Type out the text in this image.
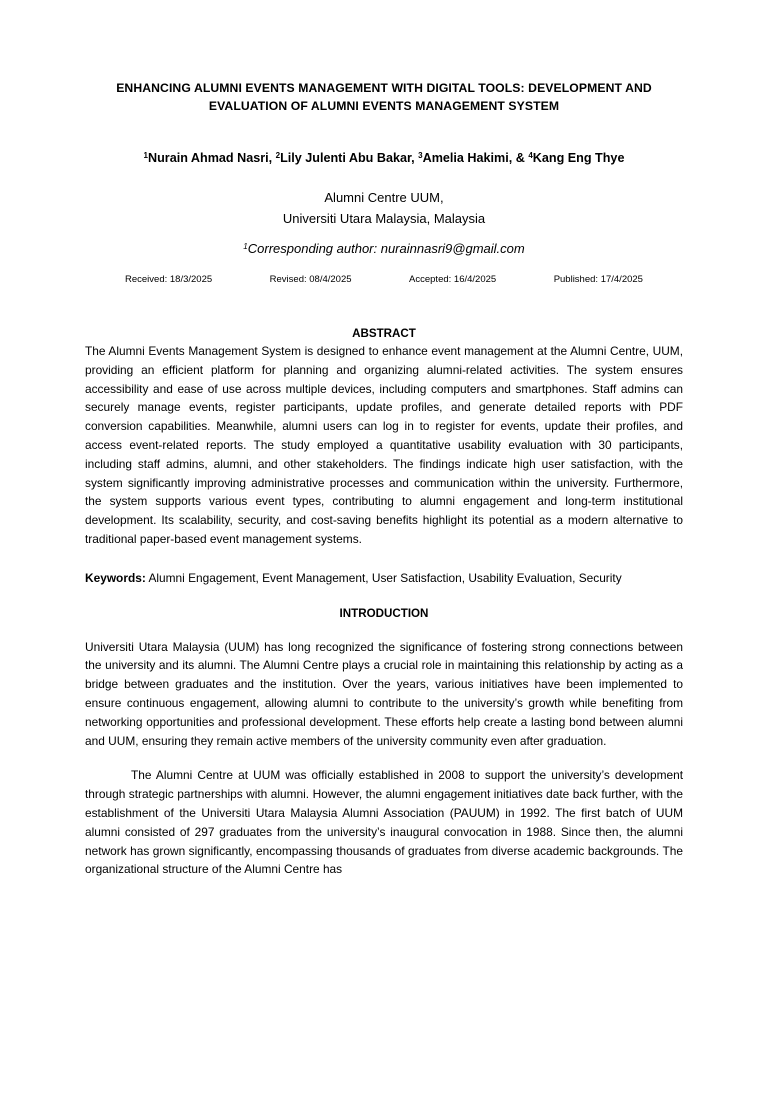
ENHANCING ALUMNI EVENTS MANAGEMENT WITH DIGITAL TOOLS: DEVELOPMENT AND EVALUATION OF ALUMNI EVENTS MANAGEMENT SYSTEM
$^1$Nurain Ahmad Nasri, $^2$Lily Julenti Abu Bakar, $^3$Amelia Hakimi, & $^4$Kang Eng Thye
Alumni Centre UUM,
Universiti Utara Malaysia, Malaysia
$^1$Corresponding author: nurainnasri9@gmail.com
Received: 18/3/2025	Revised: 08/4/2025	Accepted: 16/4/2025	Published: 17/4/2025
ABSTRACT

The Alumni Events Management System is designed to enhance event management at the Alumni Centre, UUM, providing an efficient platform for planning and organizing alumni-related activities. The system ensures accessibility and ease of use across multiple devices, including computers and smartphones. Staff admins can securely manage events, register participants, update profiles, and generate detailed reports with PDF conversion capabilities. Meanwhile, alumni users can log in to register for events, update their profiles, and access event-related reports. The study employed a quantitative usability evaluation with 30 participants, including staff admins, alumni, and other stakeholders. The findings indicate high user satisfaction, with the system significantly improving administrative processes and communication within the university. Furthermore, the system supports various event types, contributing to alumni engagement and long-term institutional development. Its scalability, security, and cost-saving benefits highlight its potential as a modern alternative to traditional paper-based event management systems.

Keywords: Alumni Engagement, Event Management, User Satisfaction, Usability Evaluation, Security
INTRODUCTION

Universiti Utara Malaysia (UUM) has long recognized the significance of fostering strong connections between the university and its alumni. The Alumni Centre plays a crucial role in maintaining this relationship by acting as a bridge between graduates and the institution. Over the years, various initiatives have been implemented to ensure continuous engagement, allowing alumni to contribute to the university’s growth while benefiting from networking opportunities and professional development. These efforts help create a lasting bond between alumni and UUM, ensuring they remain active members of the university community even after graduation.

The Alumni Centre at UUM was officially established in 2008 to support the university’s development through strategic partnerships with alumni. However, the alumni engagement initiatives date back further, with the establishment of the Universiti Utara Malaysia Alumni Association (PAUUM) in 1992. The first batch of UUM alumni consisted of 297 graduates from the university’s inaugural convocation in 1988. Since then, the alumni network has grown significantly, encompassing thousands of graduates from diverse academic backgrounds. The organizational structure of the Alumni Centre has
